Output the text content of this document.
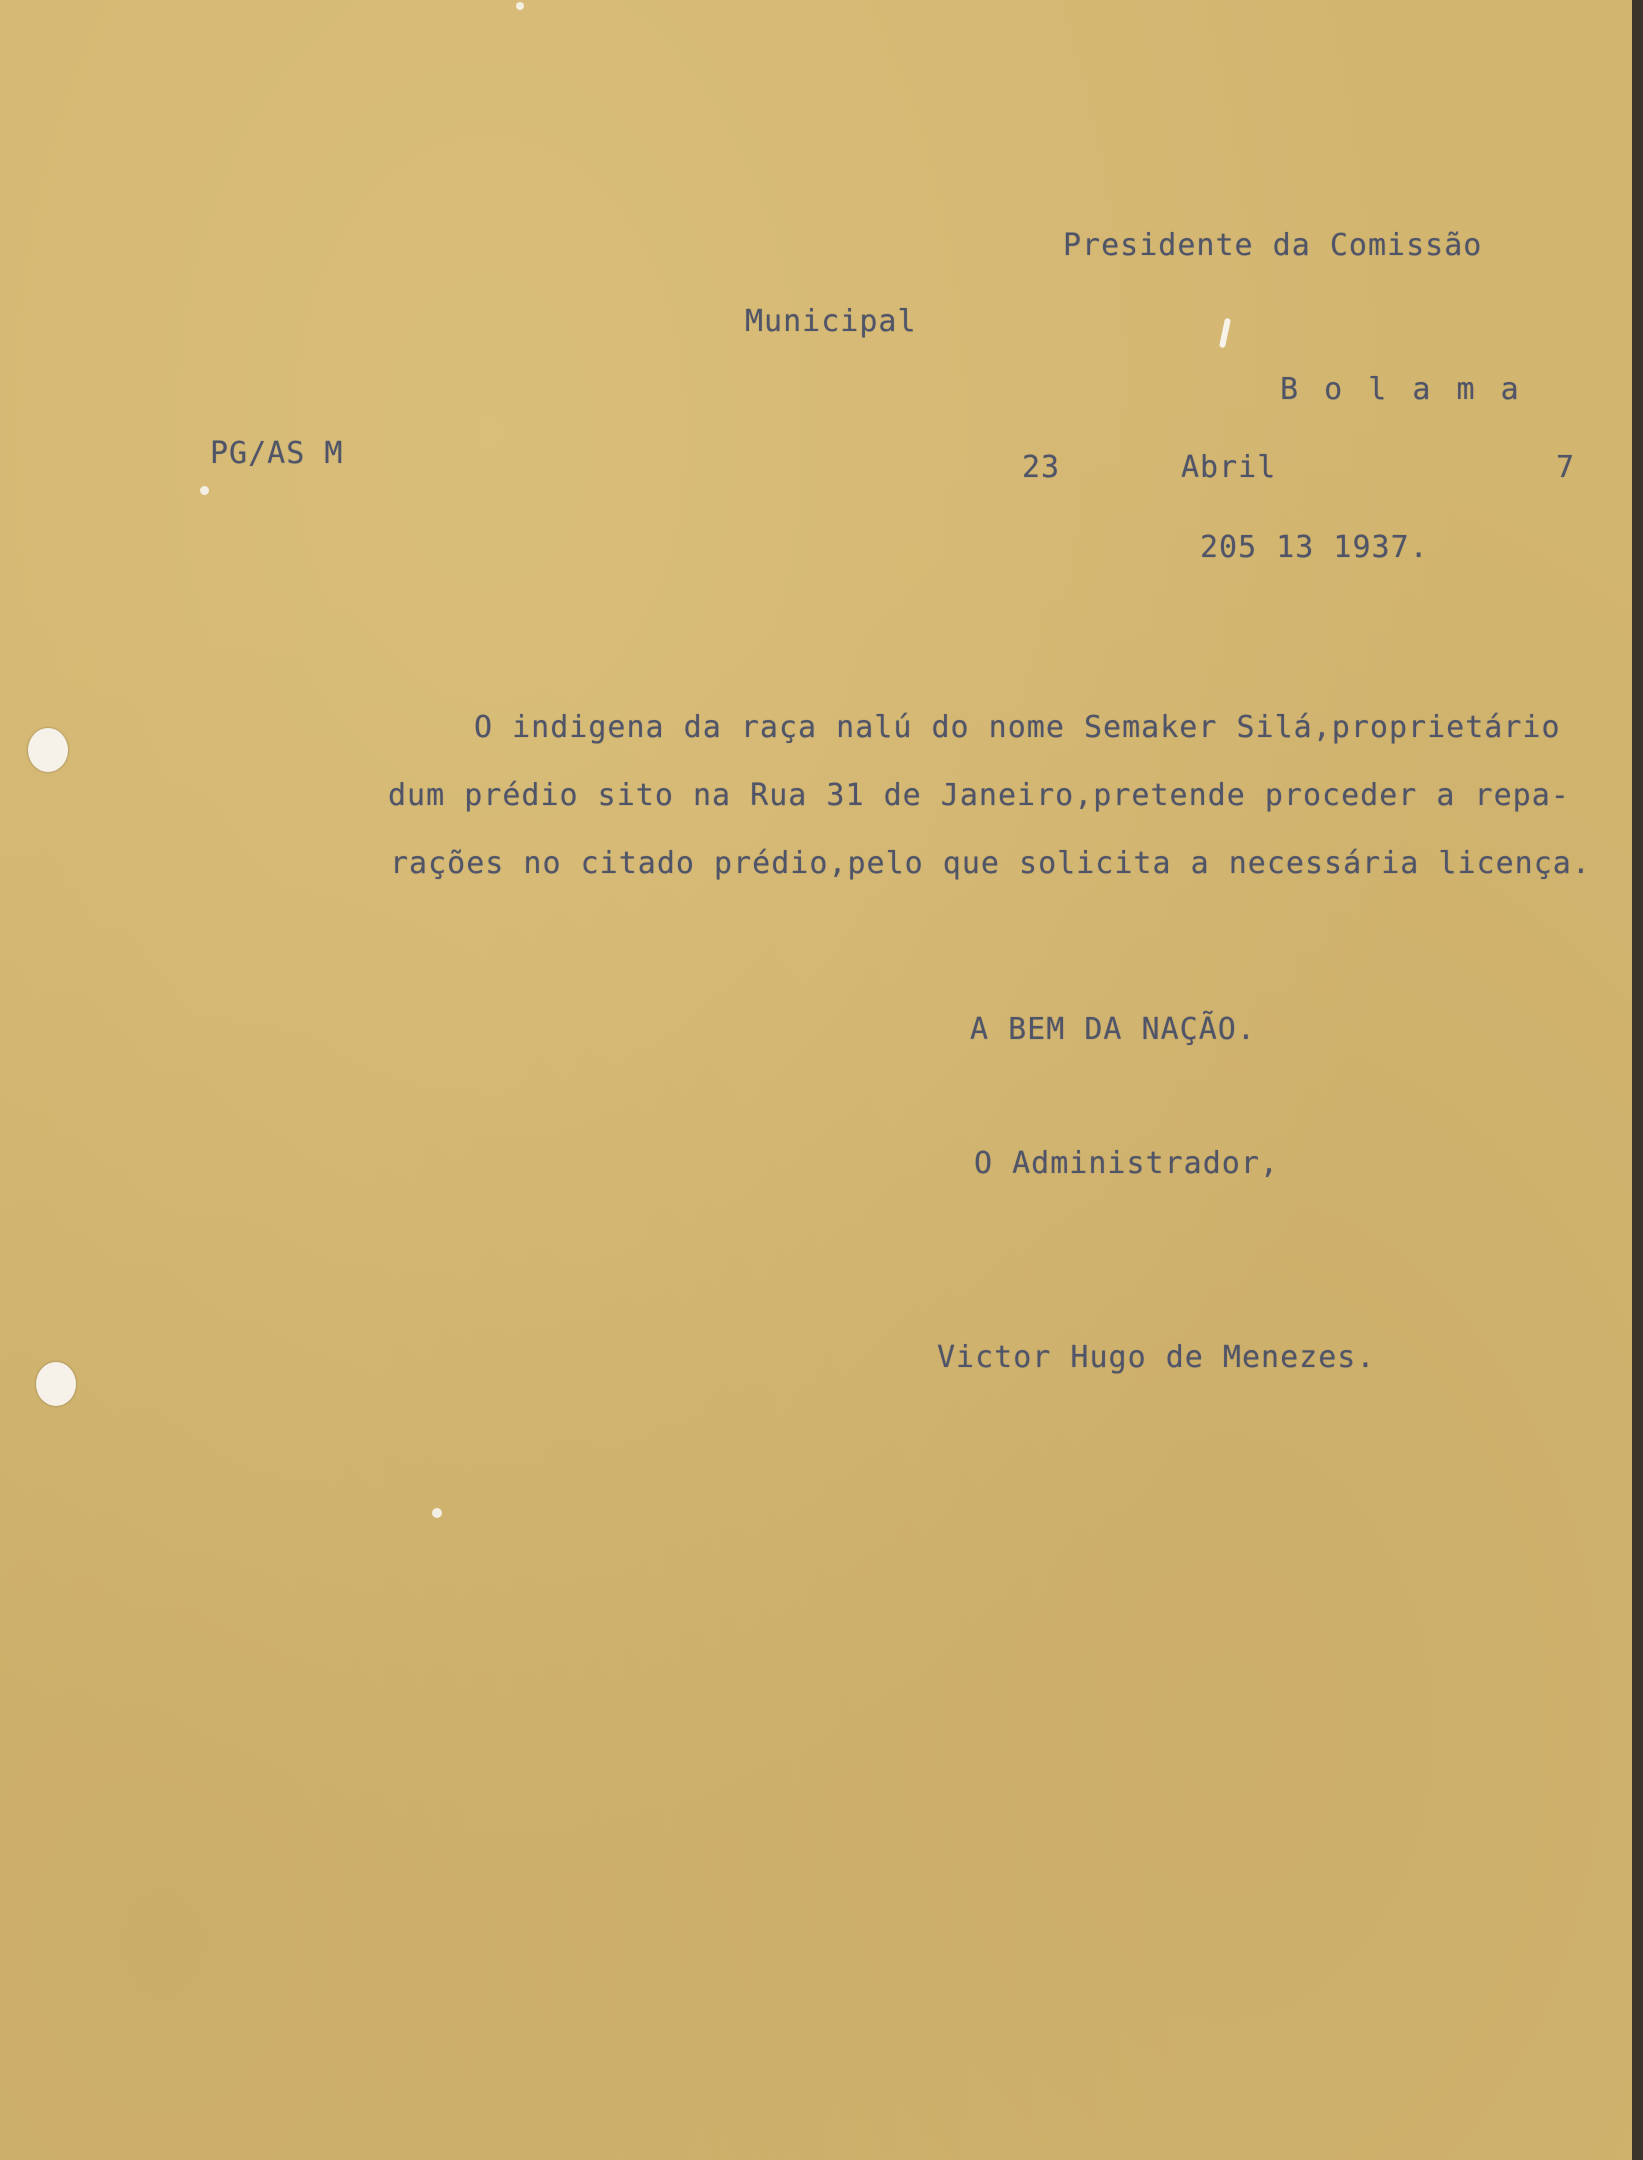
Presidente da Comissão
Municipal
B o l a m a
PG/AS M	23	Abril	7
205 13 1937.
O indigena da raça nalú do nome Semaker Silá,proprietário
dum prédio sito na Rua 31 de Janeiro,pretende proceder a repa-
rações no citado prédio,pelo que solicita a necessária licença.
A BEM DA NAÇÃO.
O Administrador,
Victor Hugo de Menezes.
